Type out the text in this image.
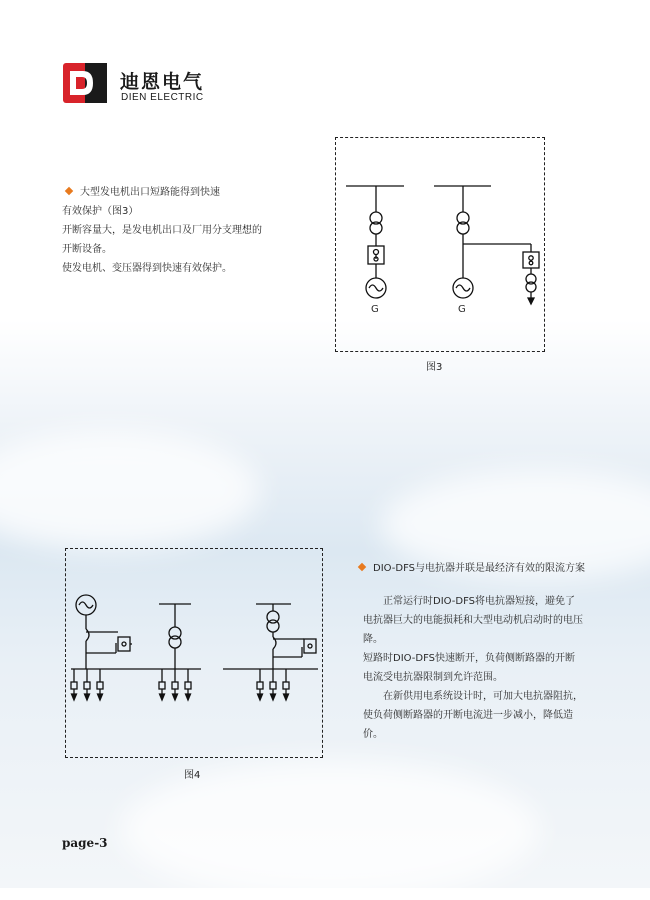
迪恩电气
DIEN ELECTRIC
大型发电机出口短路能得到快速
有效保护（图3）
开断容量大，是发电机出口及厂用分支理想的
开断设备。
使发电机、变压器得到快速有效保护。
G	G
图3
图4
DIO-DFS与电抗器并联是最经济有效的限流方案
正常运行时DIO-DFS将电抗器短接，避免了
电抗器巨大的电能损耗和大型电动机启动时的电压
降。
短路时DIO-DFS快速断开，负荷侧断路器的开断
电流受电抗器限制到允许范围。
在新供用电系统设计时，可加大电抗器阻抗，
使负荷侧断路器的开断电流进一步减小，降低造
价。
page-3
